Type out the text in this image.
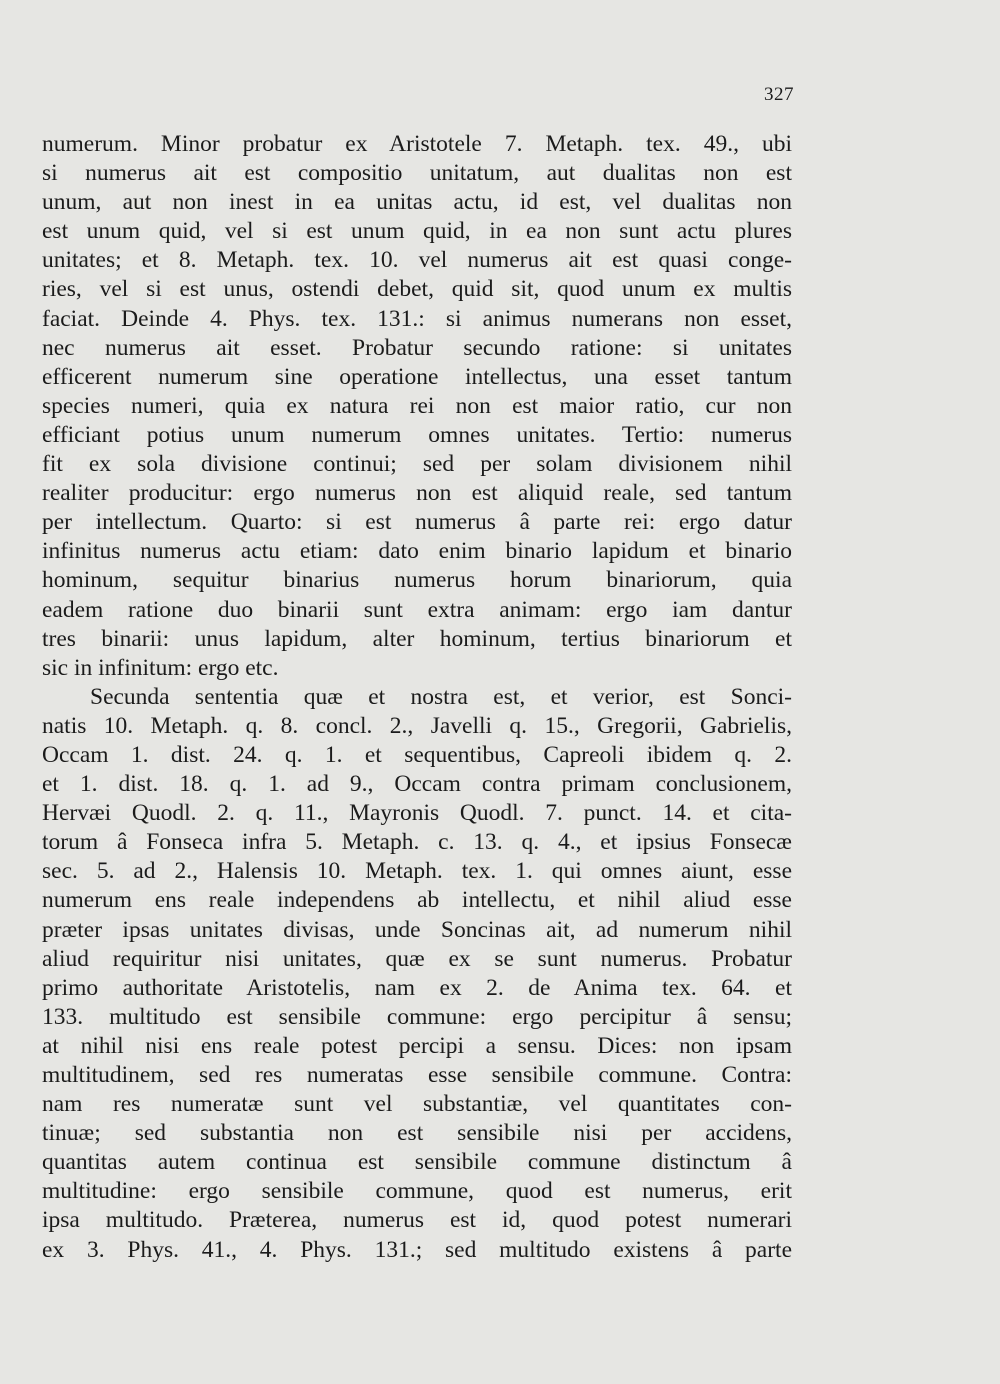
327
numerum. Minor probatur ex Aristotele 7. Metaph. tex. 49., ubi
si numerus ait est compositio unitatum, aut dualitas non est
unum, aut non inest in ea unitas actu, id est, vel dualitas non
est unum quid, vel si est unum quid, in ea non sunt actu plures
unitates; et 8. Metaph. tex. 10. vel numerus ait est quasi conge-
ries, vel si est unus, ostendi debet, quid sit, quod unum ex multis
faciat. Deinde 4. Phys. tex. 131.: si animus numerans non esset,
nec numerus ait esset. Probatur secundo ratione: si unitates
efficerent numerum sine operatione intellectus, una esset tantum
species numeri, quia ex natura rei non est maior ratio, cur non
efficiant potius unum numerum omnes unitates. Tertio: numerus
fit ex sola divisione continui; sed per solam divisionem nihil
realiter producitur: ergo numerus non est aliquid reale, sed tantum
per intellectum. Quarto: si est numerus â parte rei: ergo datur
infinitus numerus actu etiam: dato enim binario lapidum et binario
hominum, sequitur binarius numerus horum binariorum, quia
eadem ratione duo binarii sunt extra animam: ergo iam dantur
tres binarii: unus lapidum, alter hominum, tertius binariorum et
sic in infinitum: ergo etc.
Secunda sententia quæ et nostra est, et verior, est Sonci-
natis 10. Metaph. q. 8. concl. 2., Javelli q. 15., Gregorii, Gabrielis,
Occam 1. dist. 24. q. 1. et sequentibus, Capreoli ibidem q. 2.
et 1. dist. 18. q. 1. ad 9., Occam contra primam conclusionem,
Hervæi Quodl. 2. q. 11., Mayronis Quodl. 7. punct. 14. et cita-
torum â Fonseca infra 5. Metaph. c. 13. q. 4., et ipsius Fonsecæ
sec. 5. ad 2., Halensis 10. Metaph. tex. 1. qui omnes aiunt, esse
numerum ens reale independens ab intellectu, et nihil aliud esse
præter ipsas unitates divisas, unde Soncinas ait, ad numerum nihil
aliud requiritur nisi unitates, quæ ex se sunt numerus. Probatur
primo authoritate Aristotelis, nam ex 2. de Anima tex. 64. et
133. multitudo est sensibile commune: ergo percipitur â sensu;
at nihil nisi ens reale potest percipi a sensu. Dices: non ipsam
multitudinem, sed res numeratas esse sensibile commune. Contra:
nam res numeratæ sunt vel substantiæ, vel quantitates con-
tinuæ; sed substantia non est sensibile nisi per accidens,
quantitas autem continua est sensibile commune distinctum â
multitudine: ergo sensibile commune, quod est numerus, erit
ipsa multitudo. Præterea, numerus est id, quod potest numerari
ex 3. Phys. 41., 4. Phys. 131.; sed multitudo existens â parte
